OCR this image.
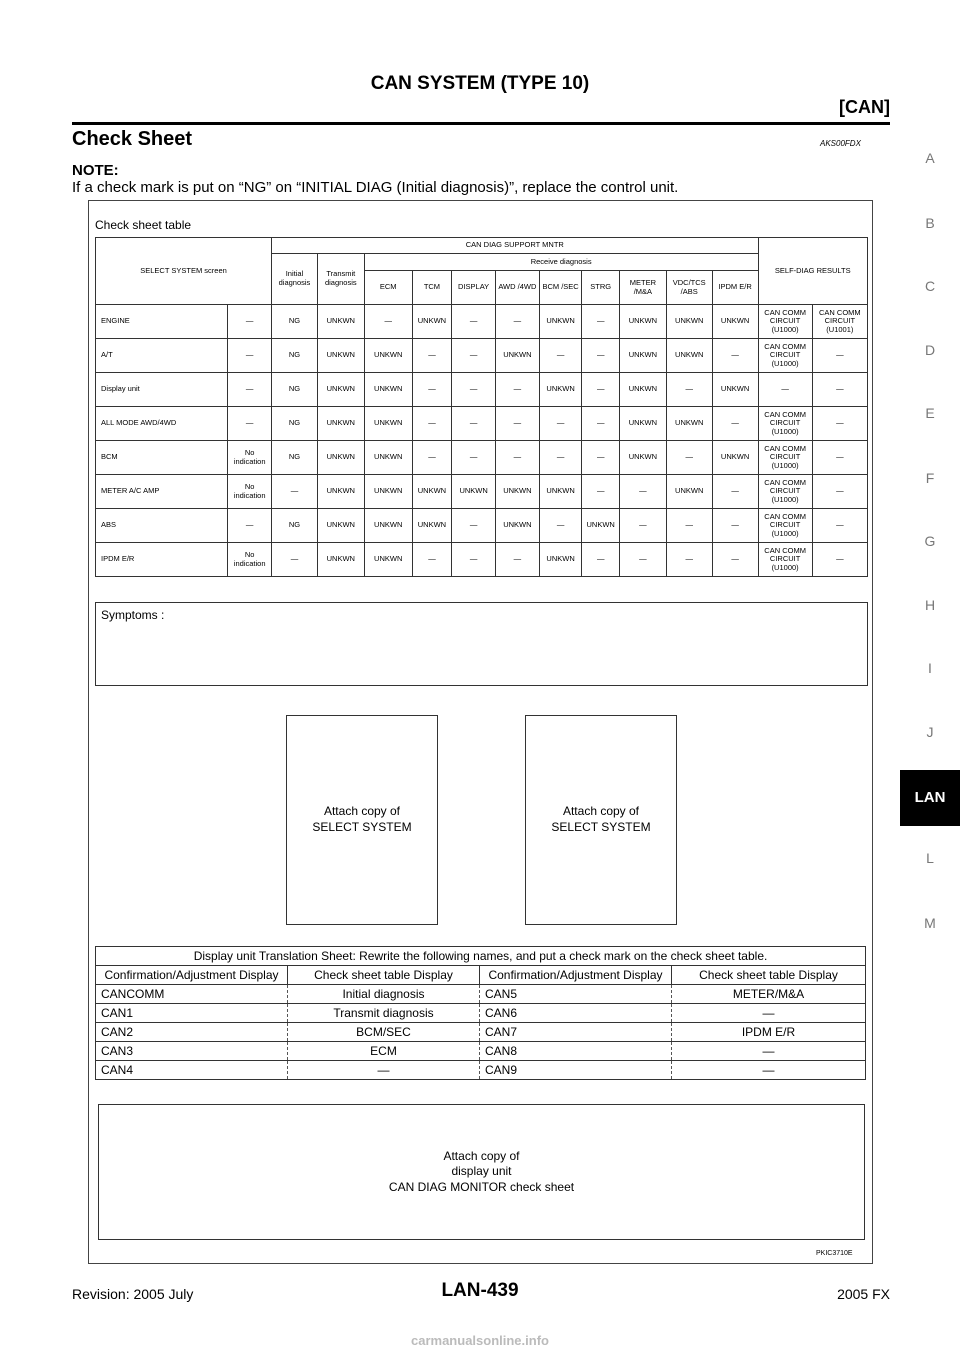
CAN SYSTEM (TYPE 10)
[CAN]
Check Sheet	AKS00FDX
NOTE:
If a check mark is put on “NG” on “INITIAL DIAG (Initial diagnosis)”, replace the control unit.
A
B
C
D
E
F
G
H
I
J
LAN
L
M
Check sheet table
SELECT SYSTEM screen		CAN DIAG SUPPORT MNTR											SELF-DIAG RESULTS	
		Initial diagnosis	Transmit diagnosis	Receive diagnosis										
				ECM	TCM	DISPLAY	AWD /4WD	BCM /SEC	STRG	METER /M&A	VDC/TCS /ABS	IPDM E/R		
ENGINE	—	NG	UNKWN	—	UNKWN	—	—	UNKWN	—	UNKWN	UNKWN	UNKWN	CAN COMM CIRCUIT (U1000)	CAN COMM CIRCUIT (U1001)
A/T	—	NG	UNKWN	UNKWN	—	—	UNKWN	—	—	UNKWN	UNKWN	—	CAN COMM CIRCUIT (U1000)	—
Display unit	—	NG	UNKWN	UNKWN	—	—	—	UNKWN	—	UNKWN	—	UNKWN	—	—
ALL MODE AWD/4WD	—	NG	UNKWN	UNKWN	—	—	—	—	—	UNKWN	UNKWN	—	CAN COMM CIRCUIT (U1000)	—
BCM	No indication	NG	UNKWN	UNKWN	—	—	—	—	—	UNKWN	—	UNKWN	CAN COMM CIRCUIT (U1000)	—
METER A/C AMP	No indication	—	UNKWN	UNKWN	UNKWN	UNKWN	UNKWN	UNKWN	—	—	UNKWN	—	CAN COMM CIRCUIT (U1000)	—
ABS	—	NG	UNKWN	UNKWN	UNKWN	—	UNKWN	—	UNKWN	—	—	—	CAN COMM CIRCUIT (U1000)	—
IPDM E/R	No indication	—	UNKWN	UNKWN	—	—	—	UNKWN	—	—	—	—	CAN COMM CIRCUIT (U1000)	—
Symptoms :
Attach copy of
SELECT SYSTEM
Attach copy of
SELECT SYSTEM
Display unit Translation Sheet: Rewrite the following names, and put a check mark on the check sheet table.			
Confirmation/Adjustment Display	Check sheet table Display	Confirmation/Adjustment Display	Check sheet table Display
CANCOMM	Initial diagnosis	CAN5	METER/M&A
CAN1	Transmit diagnosis	CAN6	—
CAN2	BCM/SEC	CAN7	IPDM E/R
CAN3	ECM	CAN8	—
CAN4	—	CAN9	—
Attach copy of
display unit
CAN DIAG MONITOR check sheet
PKIC3710E
Revision: 2005 July	LAN-439	2005 FX
carmanualsonline.info
